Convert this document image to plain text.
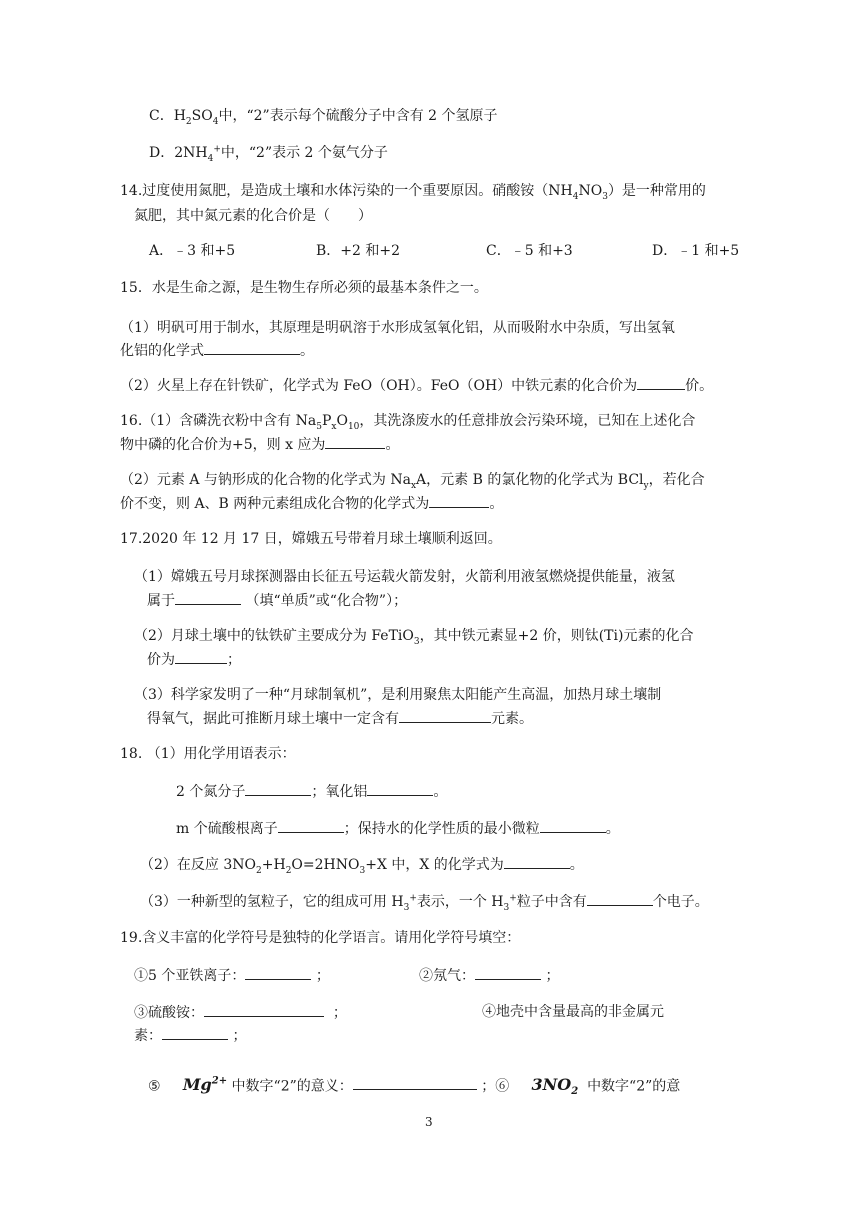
C．$H_2SO_4$中，“2”表示每个硫酸分子中含有 2 个氢原子
D．$2NH_4^+$中，“2”表示 2 个氨气分子
14.过度使用氮肥，是造成土壤和水体污染的一个重要原因。硝酸铵$(NH_4NO_3)$是一种常用的
氮肥，其中氮元素的化合价是（　　）
A．﹣3 和+5	B．+2 和+2	C．﹣5 和+3	D．﹣1 和+5
15．水是生命之源，是生物生存所必须的最基本条件之一。
（1）明矾可用于制水，其原理是明矾溶于水形成氢氧化铝，从而吸附水中杂质，写出氢氧
化铝的化学式	。
（2）火星上存在针铁矿，化学式为 FeO（OH）。FeO（OH）中铁元素的化合价为	价。
16.（1）含磷洗衣粉中含有 $Na_5P_xO_{10}$，其洗涤废水的任意排放会污染环境，已知在上述化合
物中磷的化合价为+5，则 x 应为	。
（2）元素 A 与钠形成的化合物的化学式为 $Na_xA$，元素 B 的氯化物的化学式为 BCl$_y$，若化合
价不变，则 A、B 两种元素组成化合物的化学式为	。
17.2020 年 12 月 17 日，嫦娥五号带着月球土壤顺利返回。
（1）嫦娥五号月球探测器由长征五号运载火箭发射，火箭利用液氢燃烧提供能量，液氢
属于	（填“单质”或“化合物”）；
（2）月球土壤中的钛铁矿主要成分为 FeTiO$_3$，其中铁元素显+2 价，则钛(Ti)元素的化合
价为	；
（3）科学家发明了一种“月球制氧机”，是利用聚焦太阳能产生高温，加热月球土壤制
得氧气，据此可推断月球土壤中一定含有	元素。
18. （1）用化学用语表示：
2 个氮分子	；氧化铝	。
m 个硫酸根离子	；保持水的化学性质的最小微粒	。
（2）在反应 $3NO_2+H_2O=2HNO_3+X$ 中，X 的化学式为	。
（3）一种新型的氢粒子，它的组成可用 $H_3^+$表示，一个 $H_3^+$粒子中含有	个电子。
19.含义丰富的化学符号是独特的化学语言。请用化学符号填空：
①5 个亚铁离子：	；	②氖气：	；
③硫酸铵：	；	④地壳中含量最高的非金属元
素：	；
⑤ $Mg^{2+}$ 中数字“2”的意义：	；⑥ $3NO_2$ 中数字“2”的意
3
